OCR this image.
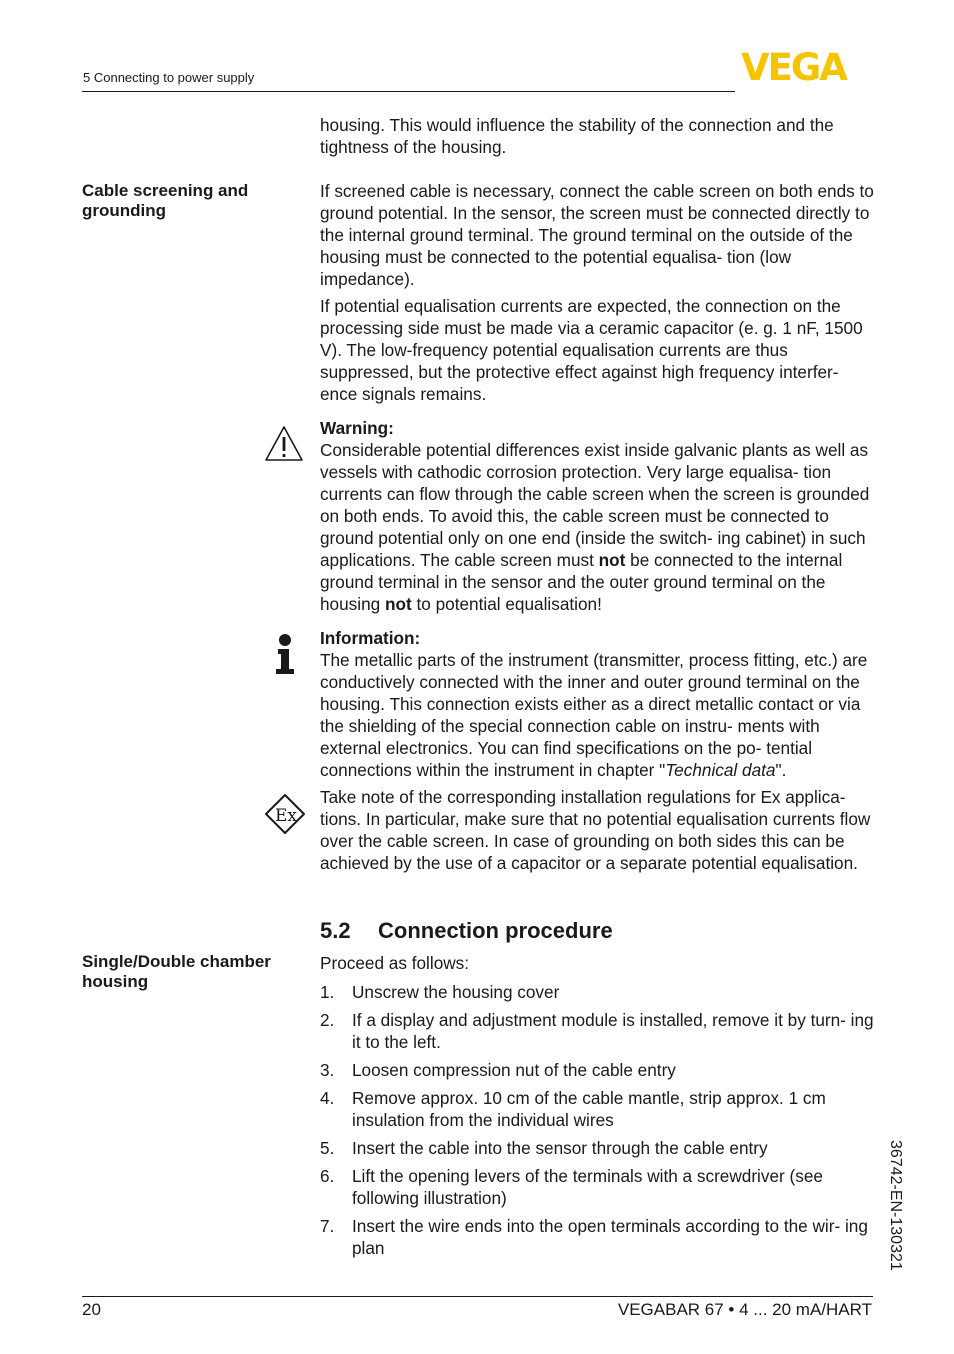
5 Connecting to power supply	VEGA
housing. This would influence the stability of the connection and the tightness of the housing.
Cable screening and grounding
If screened cable is necessary, connect the cable screen on both ends to ground potential. In the sensor, the screen must be connected directly to the internal ground terminal. The ground terminal on the outside of the housing must be connected to the potential equalisa- tion (low impedance).
If potential equalisation currents are expected, the connection on the processing side must be made via a ceramic capacitor (e. g. 1 nF, 1500 V). The low-frequency potential equalisation currents are thus suppressed, but the protective effect against high frequency interfer- ence signals remains.

Warning:

Considerable potential differences exist inside galvanic plants as well as vessels with cathodic corrosion protection. Very large equalisa- tion currents can flow through the cable screen when the screen is grounded on both ends. To avoid this, the cable screen must be connected to ground potential only on one end (inside the switch- ing cabinet) in such applications. The cable screen must not be connected to the internal ground terminal in the sensor and the outer ground terminal on the housing not to potential equalisation!

Information:

The metallic parts of the instrument (transmitter, process fitting, etc.) are conductively connected with the inner and outer ground terminal on the housing. This connection exists either as a direct metallic contact or via the shielding of the special connection cable on instru- ments with external electronics. You can find specifications on the po- tential connections within the instrument in chapter "Technical data".

Ex
Take note of the corresponding installation regulations for Ex applica- tions. In particular, make sure that no potential equalisation currents flow over the cable screen. In case of grounding on both sides this can be achieved by the use of a capacitor or a separate potential equalisation.
5.2 Connection procedure
Single/Double chamber housing
Proceed as follows:
1. Unscrew the housing cover
2. If a display and adjustment module is installed, remove it by turn- ing it to the left.
3. Loosen compression nut of the cable entry
4. Remove approx. 10 cm of the cable mantle, strip approx. 1 cm insulation from the individual wires
5. Insert the cable into the sensor through the cable entry
6. Lift the opening levers of the terminals with a screwdriver (see following illustration)
7. Insert the wire ends into the open terminals according to the wir- ing plan	36742-EN-130321
20	VEGABAR 67 • 4 ... 20 mA/HART
